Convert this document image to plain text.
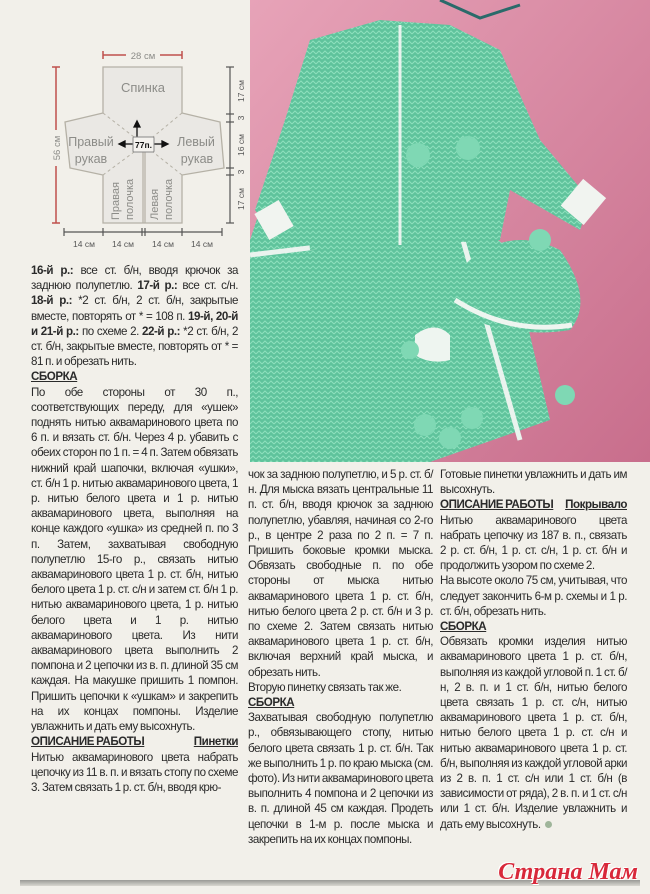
28 см
56 см
Спинка
Правый
рукав
Левый
рукав
77п.
Правая полочка Левая полочка
17 см
3
16 см
3
17 см
14 см 14 см 14 см 14 см

16-й р.: все ст. б/н, вводя крючок за заднюю полупетлю. 17-й р.: все ст. с/н. 18-й р.: *2 ст. б/н, 2 ст. б/н, закрытые вместе, повторять от * = 108 п. 19-й, 20-й и 21-й р.: по схеме 2. 22-й р.: *2 ст. б/н, 2 ст. б/н, закрытые вместе, повторять от * = 81 п. и обрезать нить.

СБОРКА

По обе стороны от 30 п., соответствующих переду, для «ушек» поднять нитью аквамаринового цвета по 6 п. и вязать ст. б/н. Через 4 р. убавить с обеих сторон по 1 п. = 4 п. Затем обвязать нижний край шапочки, включая «ушки», ст. б/н 1 р. нитью аквамаринового цвета, 1 р. нитью белого цвета и 1 р. нитью аквамаринового цвета, выполняя на конце каждого «ушка» из средней п. по 3 п. Затем, захватывая свободную полупетлю 15-го р., связать нитью аквамаринового цвета 1 р. ст. б/н, нитью белого цвета 1 р. ст. с/н и затем ст. б/н 1 р. нитью аквамаринового цвета, 1 р. нитью белого цвета и 1 р. нитью аквамаринового цвета. Из нити аквамаринового цвета выполнить 2 помпона и 2 цепочки из в. п. длиной 35 см каждая. На макушке пришить 1 помпон. Пришить цепочки к «ушкам» и закрепить на их концах помпоны. Изделие увлажнить и дать ему высохнуть.

ОПИСАНИЕ РАБОТЫ	Пинетки

Нитью аквамаринового цвета набрать цепочку из 11 в. п. и вязать стопу по схеме 3. Затем связать 1 р. ст. б/н, вводя крю-

чок за заднюю полупетлю, и 5 р. ст. б/н. Для мыска вязать центральные 11 п. ст. б/н, вводя крючок за заднюю полупетлю, убавляя, начиная со 2-го р., в центре 2 раза по 2 п. = 7 п. Пришить боковые кромки мыска. Обвязать свободные п. по обе стороны от мыска нитью аквамаринового цвета 1 р. ст. б/н, нитью белого цвета 2 р. ст. б/н и 3 р. по схеме 2. Затем связать нитью аквамаринового цвета 1 р. ст. б/н, включая верхний край мыска, и обрезать нить.

Вторую пинетку связать так же.

СБОРКА

Захватывая свободную полупетлю р., обвязывающего стопу, нитью белого цвета связать 1 р. ст. б/н. Так же выполнить 1 р. по краю мыска (см. фото). Из нити аквамаринового цвета выполнить 4 помпона и 2 цепочки из в. п. длиной 45 см каждая. Продеть цепочки в 1-м р. после мыска и закрепить на их концах помпоны.

Готовые пинетки увлажнить и дать им высохнуть.

ОПИСАНИЕ РАБОТЫ Покрывало

Нитью аквамаринового цвета набрать цепочку из 187 в. п., связать 2 р. ст. б/н, 1 р. ст. с/н, 1 р. ст. б/н и продолжить узором по схеме 2.

На высоте около 75 см, учитывая, что следует закончить 6-м р. схемы и 1 р. ст. б/н, обрезать нить.

СБОРКА

Обвязать кромки изделия нитью аквамаринового цвета 1 р. ст. б/н, выполняя из каждой угловой п. 1 ст. б/н, 2 в. п. и 1 ст. б/н, нитью белого цвета связать 1 р. ст. с/н, нитью аквамаринового цвета 1 р. ст. б/н, нитью белого цвета 1 р. ст. с/н и нитью аквамаринового цвета 1 р. ст. б/н, выполняя из каждой угловой арки из 2 в. п. 1 ст. с/н или 1 ст. б/н (в зависимости от ряда), 2 в. п. и 1 ст. с/н или 1 ст. б/н. Изделие увлажнить и дать ему высохнуть.

Страна Мам
